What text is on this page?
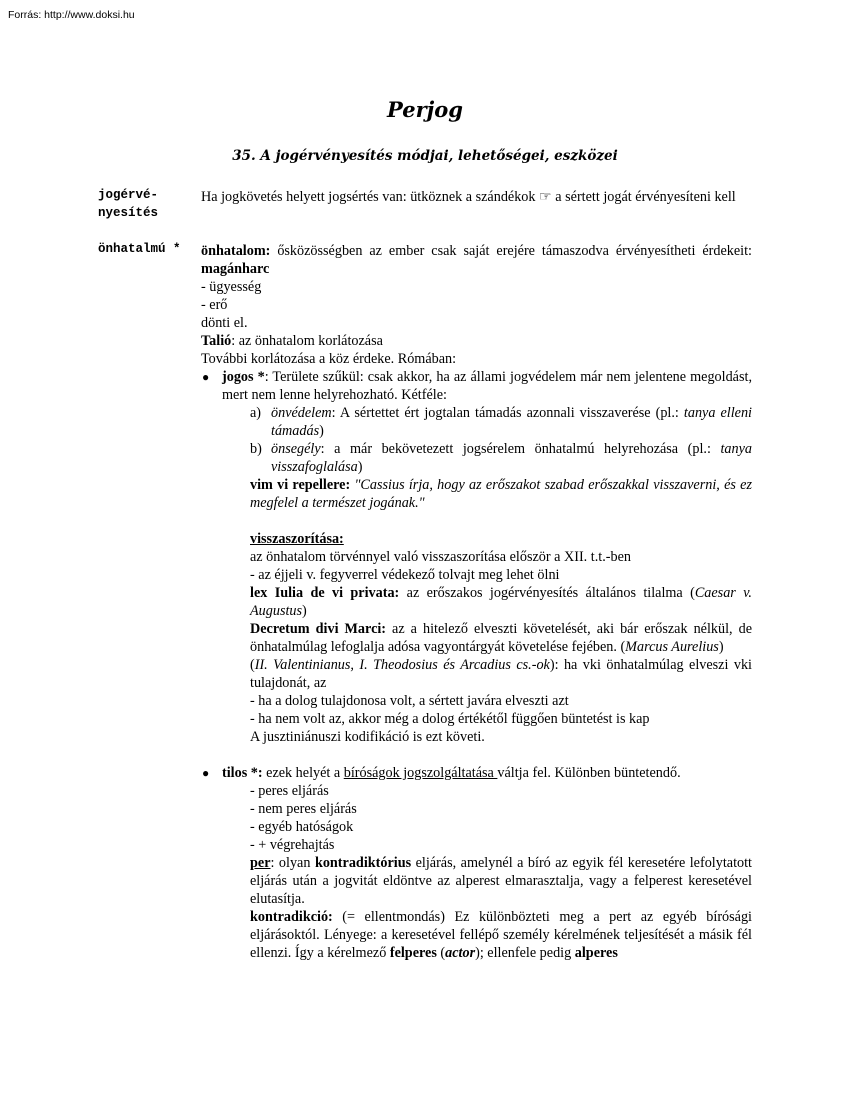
Forrás: http://www.doksi.hu
Perjog
35. A jogérvényesítés módjai, lehetőségei, eszközei
jogérvé-
nyesítés
Ha jogkövetés helyett jogsértés van: ütköznek a szándékok ☞ a sértett jogát érvényesíteni kell
önhatalmú * önhatalom: ősközösségben az ember csak saját erejére támaszodva érvényesítheti érdekeit: magánharc

- ügyesség

- erő

dönti el.

Talió: az önhatalom korlátozása

További korlátozása a köz érdeke. Rómában:

● jogos *: Területe szűkül: csak akkor, ha az állami jogvédelem már nem jelentene megoldást, mert nem lenne helyrehozható. Kétféle:
a) önvédelem: A sértettet ért jogtalan támadás azonnali visszaverése (pl.: tanya elleni támadás)
b) önsegély: a már bekövetezett jogsérelem önhatalmú helyrehozása (pl.: tanya visszafoglalása)

vim vi repellere: "Cassius írja, hogy az erőszakot szabad erőszakkal visszaverni, és ez megfelel a természet jogának."

visszaszorítása:

az önhatalom törvénnyel való visszaszorítása először a XII. t.t.-ben

- az éjjeli v. fegyverrel védekező tolvajt meg lehet ölni

lex Iulia de vi privata: az erőszakos jogérvényesítés általános tilalma (Caesar v. Augustus)

Decretum divi Marci: az a hitelező elveszti követelését, aki bár erőszak nélkül, de önhatalmúlag lefoglalja adósa vagyontárgyát követelése fejében. (Marcus Aurelius)

(II. Valentinianus, I. Theodosius és Arcadius cs.-ok): ha vki önhatalmúlag elveszi vki tulajdonát, az

- ha a dolog tulajdonosa volt, a sértett javára elveszti azt

- ha nem volt az, akkor még a dolog értékétől függően büntetést is kap

A jusztiniánuszi kodifikáció is ezt követi.

● tilos *: ezek helyét a bíróságok jogszolgáltatása váltja fel. Különben büntetendő.

- peres eljárás

- nem peres eljárás

- egyéb hatóságok

- + végrehajtás

per: olyan kontradiktórius eljárás, amelynél a bíró az egyik fél keresetére lefolytatott eljárás után a jogvitát eldöntve az alperest elmarasztalja, vagy a felperest keresetével elutasítja.

kontradikció: (= ellentmondás) Ez különbözteti meg a pert az egyéb bírósági eljárásoktól. Lényege: a keresetével fellépő személy kérelmének teljesítését a másik fél ellenzi. Így a kérelmező felperes (actor); ellenfele pedig alperes
